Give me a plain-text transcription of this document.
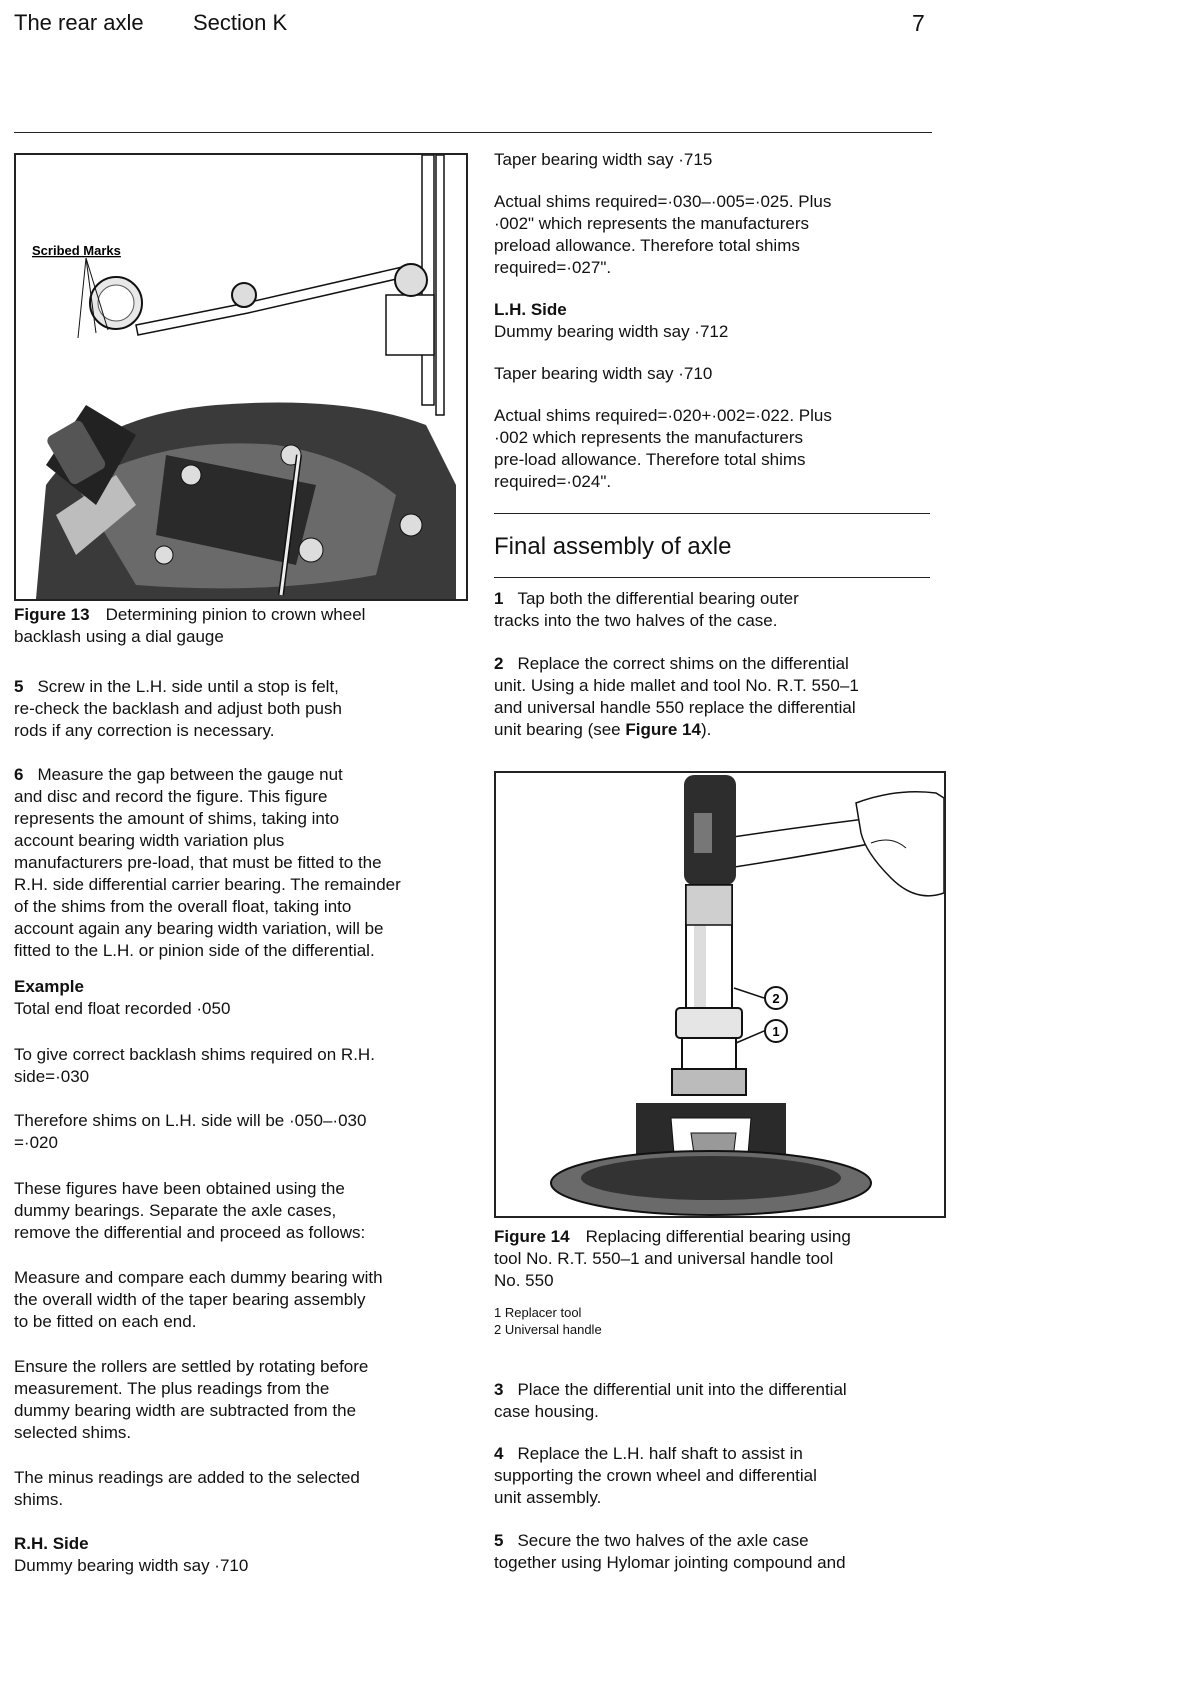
The rear axle Section K	7
Scribed Marks
Figure 13 Determining pinion to crown wheel
backlash using a dial gauge
5 Screw in the L.H. side until a stop is felt,
re-check the backlash and adjust both push
rods if any correction is necessary.
6 Measure the gap between the gauge nut
and disc and record the figure. This figure
represents the amount of shims, taking into
account bearing width variation plus
manufacturers pre-load, that must be fitted to the
R.H. side differential carrier bearing. The remainder
of the shims from the overall float, taking into
account again any bearing width variation, will be
fitted to the L.H. or pinion side of the differential.
Example
Total end float recorded ·050
To give correct backlash shims required on R.H.
side=·030
Therefore shims on L.H. side will be ·050–·030
=·020
These figures have been obtained using the
dummy bearings. Separate the axle cases,
remove the differential and proceed as follows:
Measure and compare each dummy bearing with
the overall width of the taper bearing assembly
to be fitted on each end.
Ensure the rollers are settled by rotating before
measurement. The plus readings from the
dummy bearing width are subtracted from the
selected shims.
The minus readings are added to the selected
shims.
R.H. Side
Dummy bearing width say ·710
Taper bearing width say ·715
Actual shims required=·030–·005=·025. Plus
·002" which represents the manufacturers
preload allowance. Therefore total shims
required=·027".
L.H. Side
Dummy bearing width say ·712
Taper bearing width say ·710
Actual shims required=·020+·002=·022. Plus
·002 which represents the manufacturers
pre-load allowance. Therefore total shims
required=·024".
Final assembly of axle
1 Tap both the differential bearing outer
tracks into the two halves of the case.
2 Replace the correct shims on the differential
unit. Using a hide mallet and tool No. R.T. 550–1
and universal handle 550 replace the differential
unit bearing (see Figure 14).
2
1
Figure 14 Replacing differential bearing using
tool No. R.T. 550–1 and universal handle tool
No. 550
1 Replacer tool
2 Universal handle
3 Place the differential unit into the differential
case housing.
4 Replace the L.H. half shaft to assist in
supporting the crown wheel and differential
unit assembly.
5 Secure the two halves of the axle case
together using Hylomar jointing compound and
